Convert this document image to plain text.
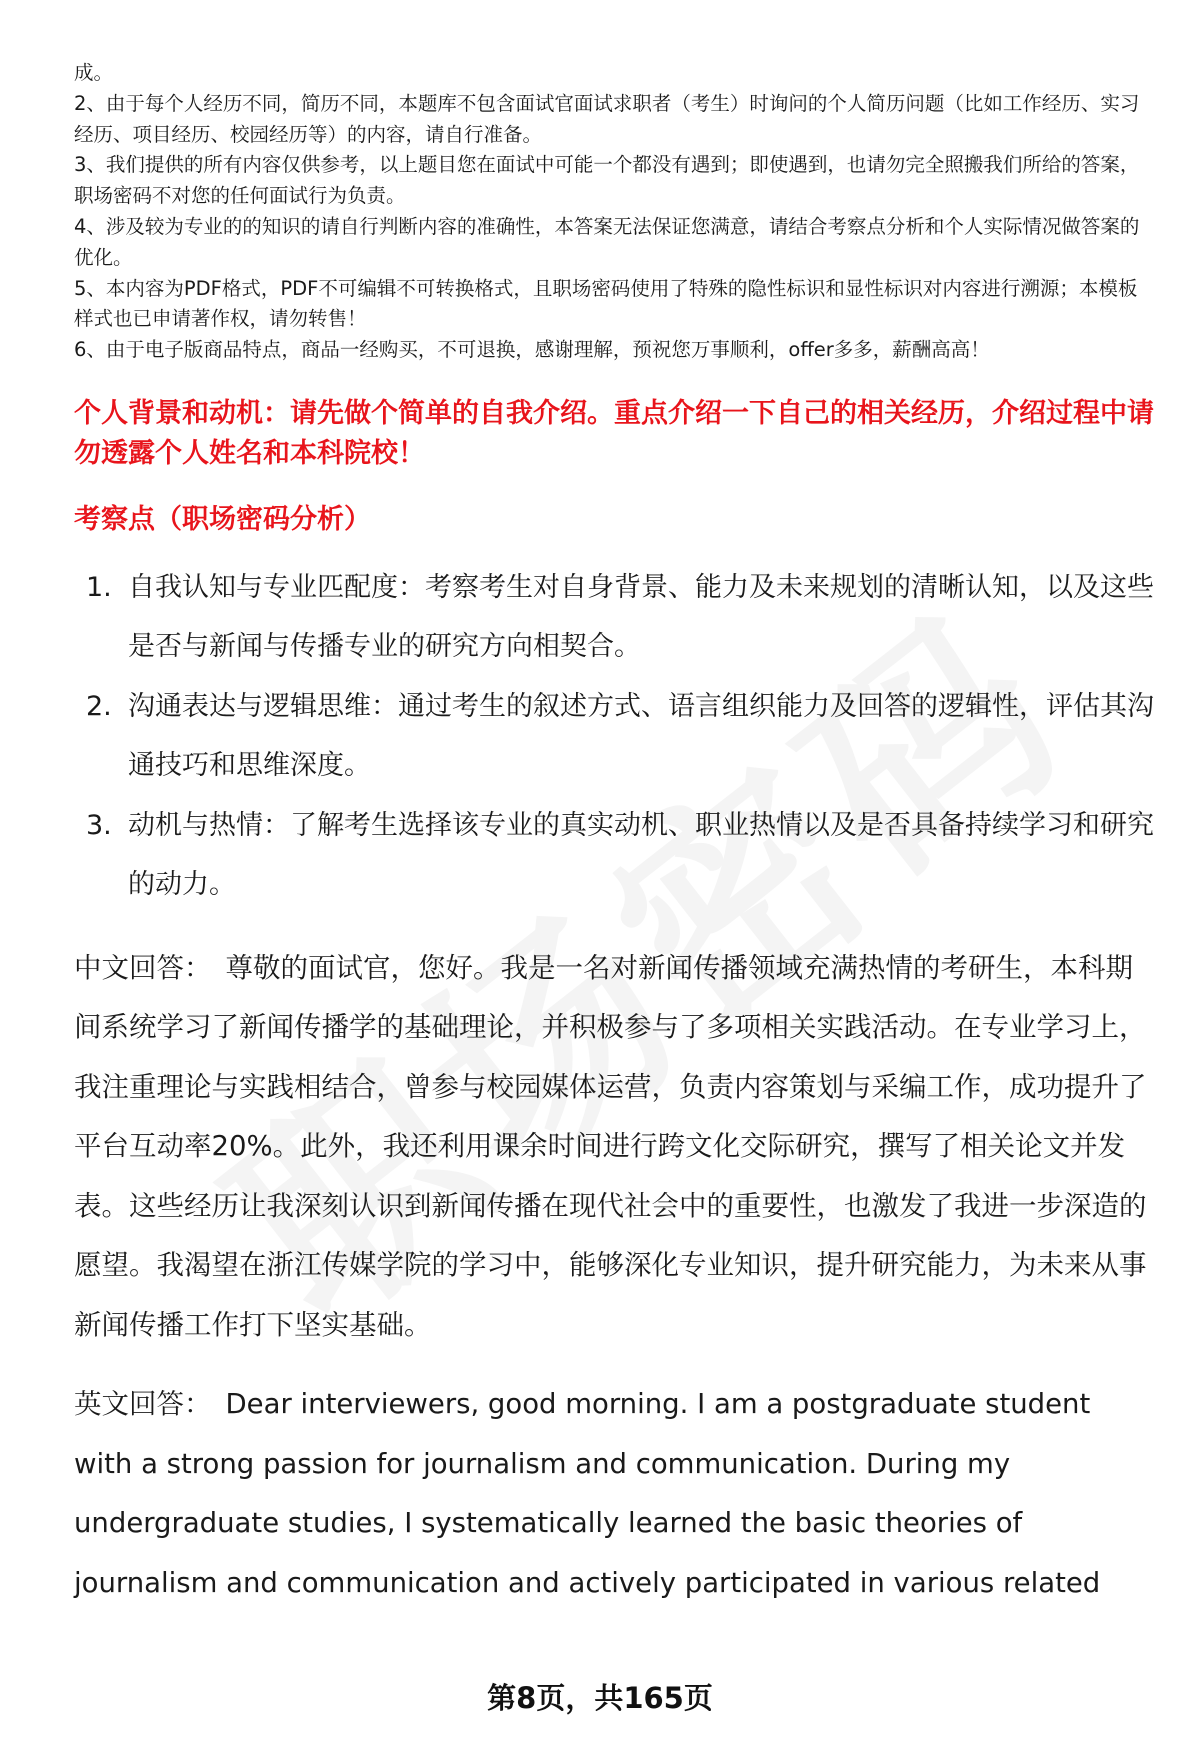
成。

2、由于每个人经历不同，简历不同，本题库不包含面试官面试求职者（考生）时询问的个人简历问题（比如工作经历、实习经历、项目经历、校园经历等）的内容，请自行准备。

3、我们提供的所有内容仅供参考，以上题目您在面试中可能一个都没有遇到；即使遇到，也请勿完全照搬我们所给的答案，职场密码不对您的任何面试行为负责。

4、涉及较为专业的的知识的请自行判断内容的准确性，本答案无法保证您满意，请结合考察点分析和个人实际情况做答案的优化。

5、本内容为PDF格式，PDF不可编辑不可转换格式，且职场密码使用了特殊的隐性标识和显性标识对内容进行溯源；本模板样式也已申请著作权，请勿转售！

6、由于电子版商品特点，商品一经购买，不可退换，感谢理解，预祝您万事顺利，offer多多，薪酬高高！

个人背景和动机：请先做个简单的自我介绍。重点介绍一下自己的相关经历，介绍过程中请勿透露个人姓名和本科院校！
考察点（职场密码分析）
1. 自我认知与专业匹配度：考察考生对自身背景、能力及未来规划的清晰认知，以及这些是否与新闻与传播专业的研究方向相契合。
2. 沟通表达与逻辑思维：通过考生的叙述方式、语言组织能力及回答的逻辑性，评估其沟通技巧和思维深度。
3. 动机与热情：了解考生选择该专业的真实动机、职业热情以及是否具备持续学习和研究的动力。

中文回答： 尊敬的面试官，您好。我是一名对新闻传播领域充满热情的考研生，本科期间系统学习了新闻传播学的基础理论，并积极参与了多项相关实践活动。在专业学习上，我注重理论与实践相结合，曾参与校园媒体运营，负责内容策划与采编工作，成功提升了平台互动率20%。此外，我还利用课余时间进行跨文化交际研究，撰写了相关论文并发表。这些经历让我深刻认识到新闻传播在现代社会中的重要性，也激发了我进一步深造的愿望。我渴望在浙江传媒学院的学习中，能够深化专业知识，提升研究能力，为未来从事新闻传播工作打下坚实基础。

英文回答： Dear interviewers, good morning. I am a postgraduate student with a strong passion for journalism and communication. During my undergraduate studies, I systematically learned the basic theories of journalism and communication and actively participated in various related

第8页，共165页
